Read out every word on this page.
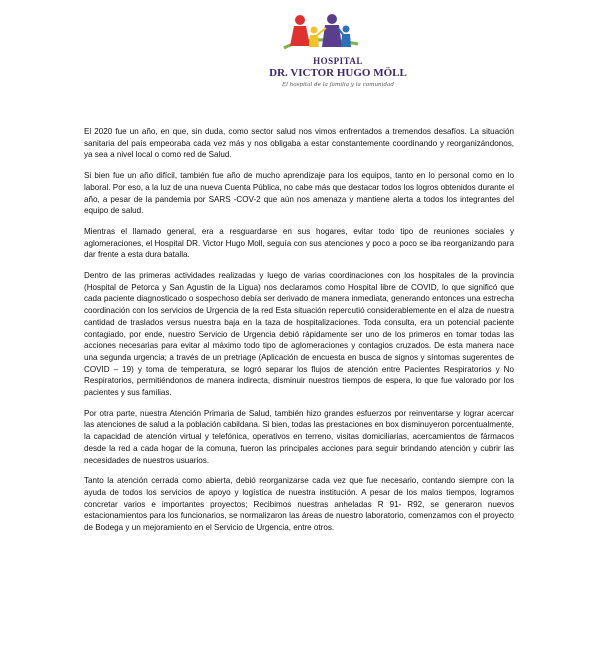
HOSPITAL
DR. VICTOR HUGO MÖLL
El hospital de la familia y la comunidad

El 2020 fue un año, en que, sin duda, como sector salud nos vimos enfrentados a tremendos desafíos. La situación sanitaria del país empeoraba cada vez más y nos obligaba a estar constantemente coordinando y reorganizándonos, ya sea a nivel local o como red de Salud.

Si bien fue un año difícil, también fue año de mucho aprendizaje para los equipos, tanto en lo personal como en lo laboral. Por eso, a la luz de una nueva Cuenta Pública, no cabe más que destacar todos los logros obtenidos durante el año, a pesar de la pandemia por SARS -COV-2 que aún nos amenaza y mantiene alerta a todos los integrantes del equipo de salud.

Mientras el llamado general, era a resguardarse en sus hogares, evitar todo tipo de reuniones sociales y aglomeraciones, el Hospital DR. Victor Hugo Moll, seguía con sus atenciones y poco a poco se iba reorganizando para dar frente a esta dura batalla.

Dentro de las primeras actividades realizadas y luego de varias coordinaciones con los hospitales de la provincia (Hospital de Petorca y San Agustin de la Ligua) nos declaramos como Hospital libre de COVID, lo que significó que cada paciente diagnosticado o sospechoso debía ser derivado de manera inmediata, generando entonces una estrecha coordinación con los servicios de Urgencia de la red Esta situación repercutió considerablemente en el alza de nuestra cantidad de traslados versus nuestra baja en la taza de hospitalizaciones. Toda consulta, era un potencial paciente contagiado, por ende, nuestro Servicio de Urgencia debió rápidamente ser uno de los primeros en tomar todas las acciones necesarias para evitar al máximo todo tipo de aglomeraciones y contagios cruzados. De esta manera nace una segunda urgencia; a través de un pretriage (Aplicación de encuesta en busca de signos y síntomas sugerentes de COVID – 19) y toma de temperatura, se logró separar los flujos de atención entre Pacientes Respiratorios y No Respiratorios, permitiéndonos de manera indirecta, disminuir nuestros tiempos de espera, lo que fue valorado por los pacientes y sus familias.

Por otra parte, nuestra Atención Primaria de Salud, también hizo grandes esfuerzos por reinventarse y lograr acercar las atenciones de salud a la población cabildana. Si bien, todas las prestaciones en box disminuyeron porcentualmente, la capacidad de atención virtual y telefónica, operativos en terreno, visitas domiciliarias, acercamientos de fármacos desde la red a cada hogar de la comuna, fueron las principales acciones para seguir brindando atención y cubrir las necesidades de nuestros usuarios.

Tanto la atención cerrada como abierta, debió reorganizarse cada vez que fue necesario, contando siempre con la ayuda de todos los servicios de apoyo y logística de nuestra institución. A pesar de los malos tiempos, logramos concretar varios e importantes proyectos; Recibimos nuestras anheladas R 91- R92, se generaron nuevos estacionamientos para los funcionarios, se normalizaron las áreas de nuestro laboratorio, comenzamos con el proyecto de Bodega y un mejoramiento en el Servicio de Urgencia, entre otros.
